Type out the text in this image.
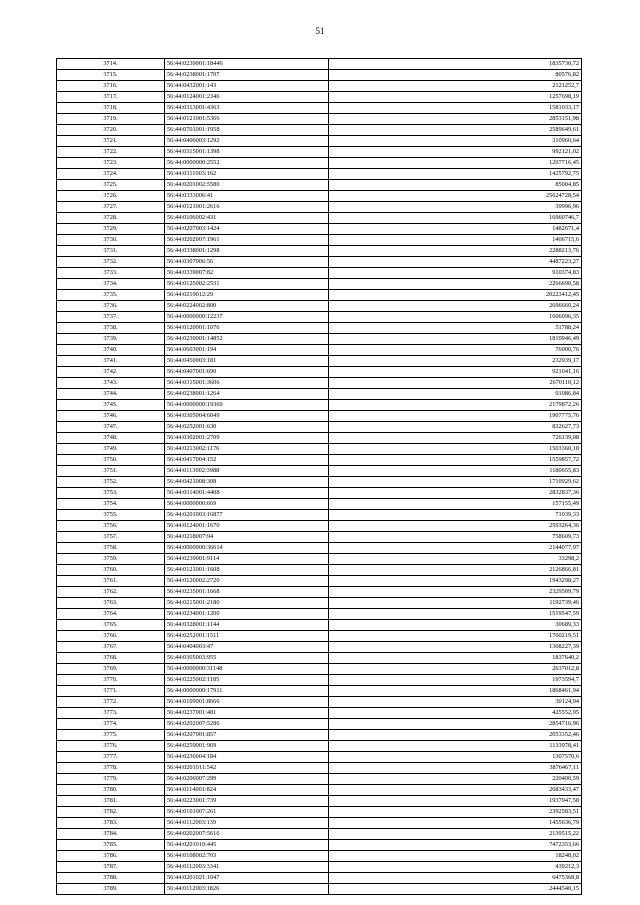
51
3714.	56:44:0239001:18446	1835730,72
3715.	56:44:0238001:1707	80576,82
3716.	56:44:0432001:143	2121252,7
3717.	56:44:0124001:2346	1257698,19
3718.	56:44:0313001:4363	1581033,17
3719.	56:44:0121001:5366	2853151,98
3720.	56:44:0701001:1958	2589649,61
3721.	56:44:0406003:1292	310960,64
3722.	56:44:0315001:1398	992121,02
3723.	56:44:0000000:2552	1207716,45
3724.	56:44:0311003:162	1425792,75
3725.	56:44:0201002:5580	85004,85
3726.	56:44:0333006:41	25624728,54
3727.	56:44:0121001:2616	39996,96
3728.	56:44:0106002:431	16960746,7
3729.	56:44:0207003:1424	1482671,4
3730.	56:44:0202007:1961	1406715,6
3731.	56:44:0338001:1298	2288213,76
3732.	56:44:0307006:56	4487223,27
3733.	56:44:0339007:82	910374,83
3734.	56:44:0125002:2531	2266690,58
3735.	56:44:0219012:29	20223412,45
3736.	56:44:0224002:800	2696660,24
3737.	56:44:0000000:12237	1606096,35
3738.	56:44:0120001:1076	51788,24
3739.	56:44:0239001:14852	1810946,49
3740.	56:44:0603001:194	76000,76
3741.	56:44:0450003:181	232939,17
3742.	56:44:0407001:690	921041,16
3743.	56:44:0315001:3606	2670110,12
3744.	56:44:0238001:1264	91086,84
3745.	56:44:0000000:19360	2179872,26
3746.	56:44:0305004:6049	1907775,76
3747.	56:44:0252001:630	832627,73
3748.	56:44:0302001:2709	726139,08
3749.	56:44:0213002:1176	1503360,18
3750.	56:44:0417004:152	1559857,72
3751.	56:44:0113002:3988	1180655,83
3752.	56:44:0421008:308	1710929,62
3753.	56:44:0314001:4408	2832837,36
3754.	56:44:0000000:669	157155,49
3755.	56:44:0201003:16877	71039,33
3756.	56:44:0124001:1670	2593264,36
3757.	56:44:0218007:94	758609,73
3758.	56:44:0000000:36614	2144077,97
3759.	56:44:0239001:9114	33298,2
3760.	56:44:0121001:1608	2126866,81
3761.	56:44:0126002:2720	1943298,27
3762.	56:44:0235001:1668	2329509,79
3763.	56:44:0215001:2180	1192739,46
3764.	56:44:0234001:1200	1519547,59
3765.	56:44:0328001:1144	30689,33
3766.	56:44:0252001:1511	1760219,51
3767.	56:44:0404003:47	1308227,39
3768.	56:44:0305003:955	1837640,2
3769.	56:44:0000000:31148	2637012,8
3770.	56:44:0225002:1185	1973594,7
3771.	56:44:0000000:17911	1868461,94
3772.	56:44:0109001:8666	30124,94
3773.	56:44:0237001:481	425552,95
3774.	56:44:0202007:5286	2854716,96
3775.	56:44:0207001:857	2053352,46
3776.	56:44:0259001:969	1133978,41
3777.	56:44:0236004:184	1307570,6
3778.	56:44:0201011:542	3876467,11
3779.	56:44:0206007:299	220400,59
3780.	56:44:0114001:824	2683433,47
3781.	56:44:0223001:739	1937947,58
3782.	56:44:0101007:261	2392583,51
3783.	56:44:0112003:139	1455636,79
3784.	56:44:0202007:5616	2139515,22
3785.	56:44:0201010:445	7472353,66
3786.	56:44:0108002:703	18248,02
3787.	56:44:0112003:3341	439212,3
3788.	56:44:0201021:1047	6475368,8
3789.	56:44:0112003:1826	2444540,15
